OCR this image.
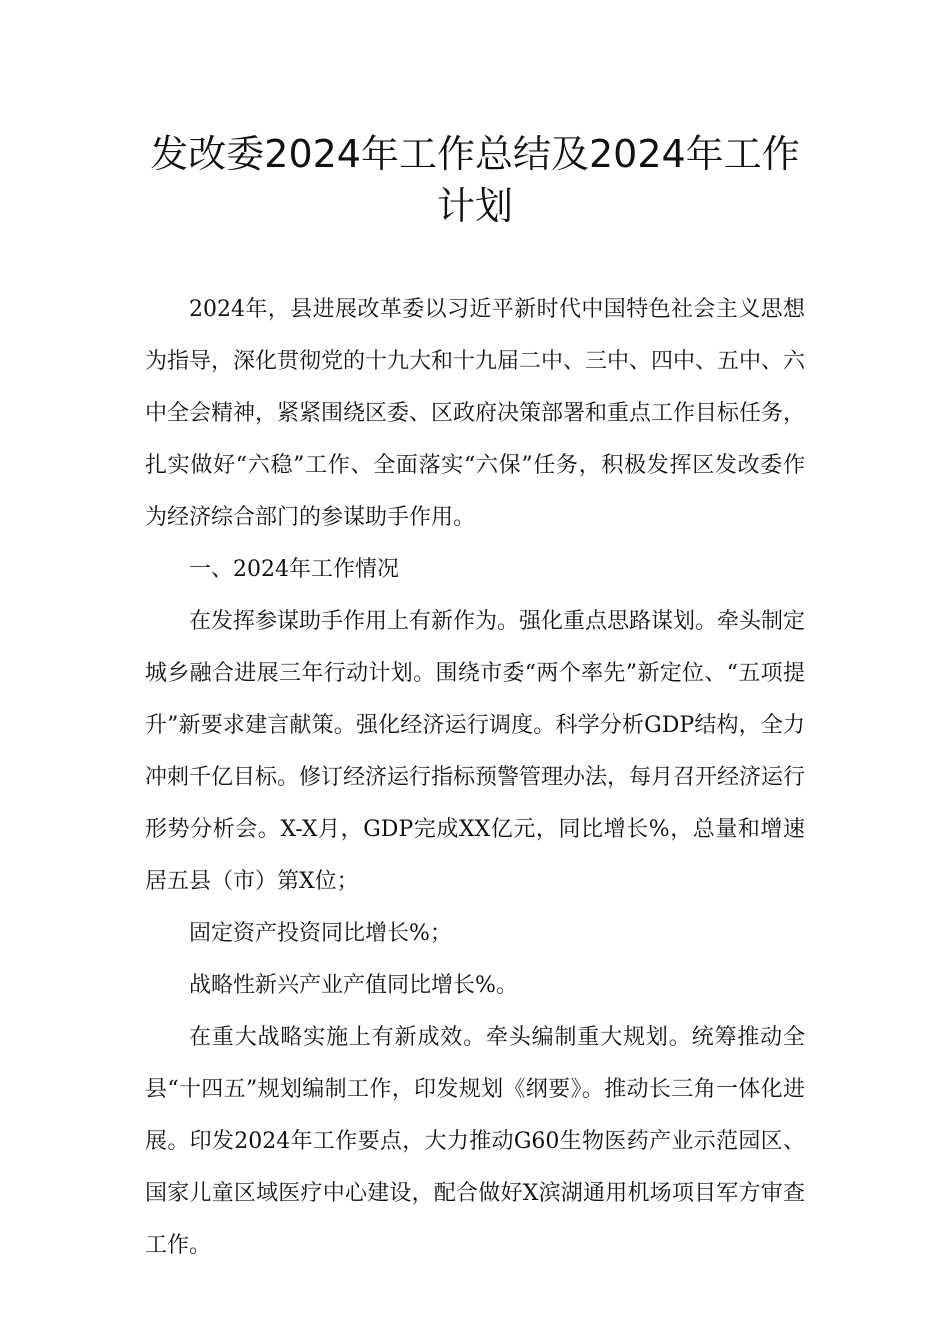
发改委2024年工作总结及2024年工作
计划

2024年，县进展改革委以习近平新时代中国特色社会主义思想为指导，深化贯彻党的十九大和十九届二中、三中、四中、五中、六中全会精神，紧紧围绕区委、区政府决策部署和重点工作目标任务，扎实做好“六稳”工作、全面落实“六保”任务，积极发挥区发改委作为经济综合部门的参谋助手作用。

一、2024年工作情况

在发挥参谋助手作用上有新作为。强化重点思路谋划。牵头制定城乡融合进展三年行动计划。围绕市委“两个率先”新定位、“五项提升”新要求建言献策。强化经济运行调度。科学分析GDP结构，全力冲刺千亿目标。修订经济运行指标预警管理办法，每月召开经济运行形势分析会。X-X月，GDP完成XX亿元，同比增长%，总量和增速居五县（市）第X位；

固定资产投资同比增长%；

战略性新兴产业产值同比增长%。

在重大战略实施上有新成效。牵头编制重大规划。统筹推动全县“十四五”规划编制工作，印发规划《纲要》。推动长三角一体化进展。印发2024年工作要点，大力推动G60生物医药产业示范园区、国家儿童区域医疗中心建设，配合做好X滨湖通用机场项目军方审查工作。
